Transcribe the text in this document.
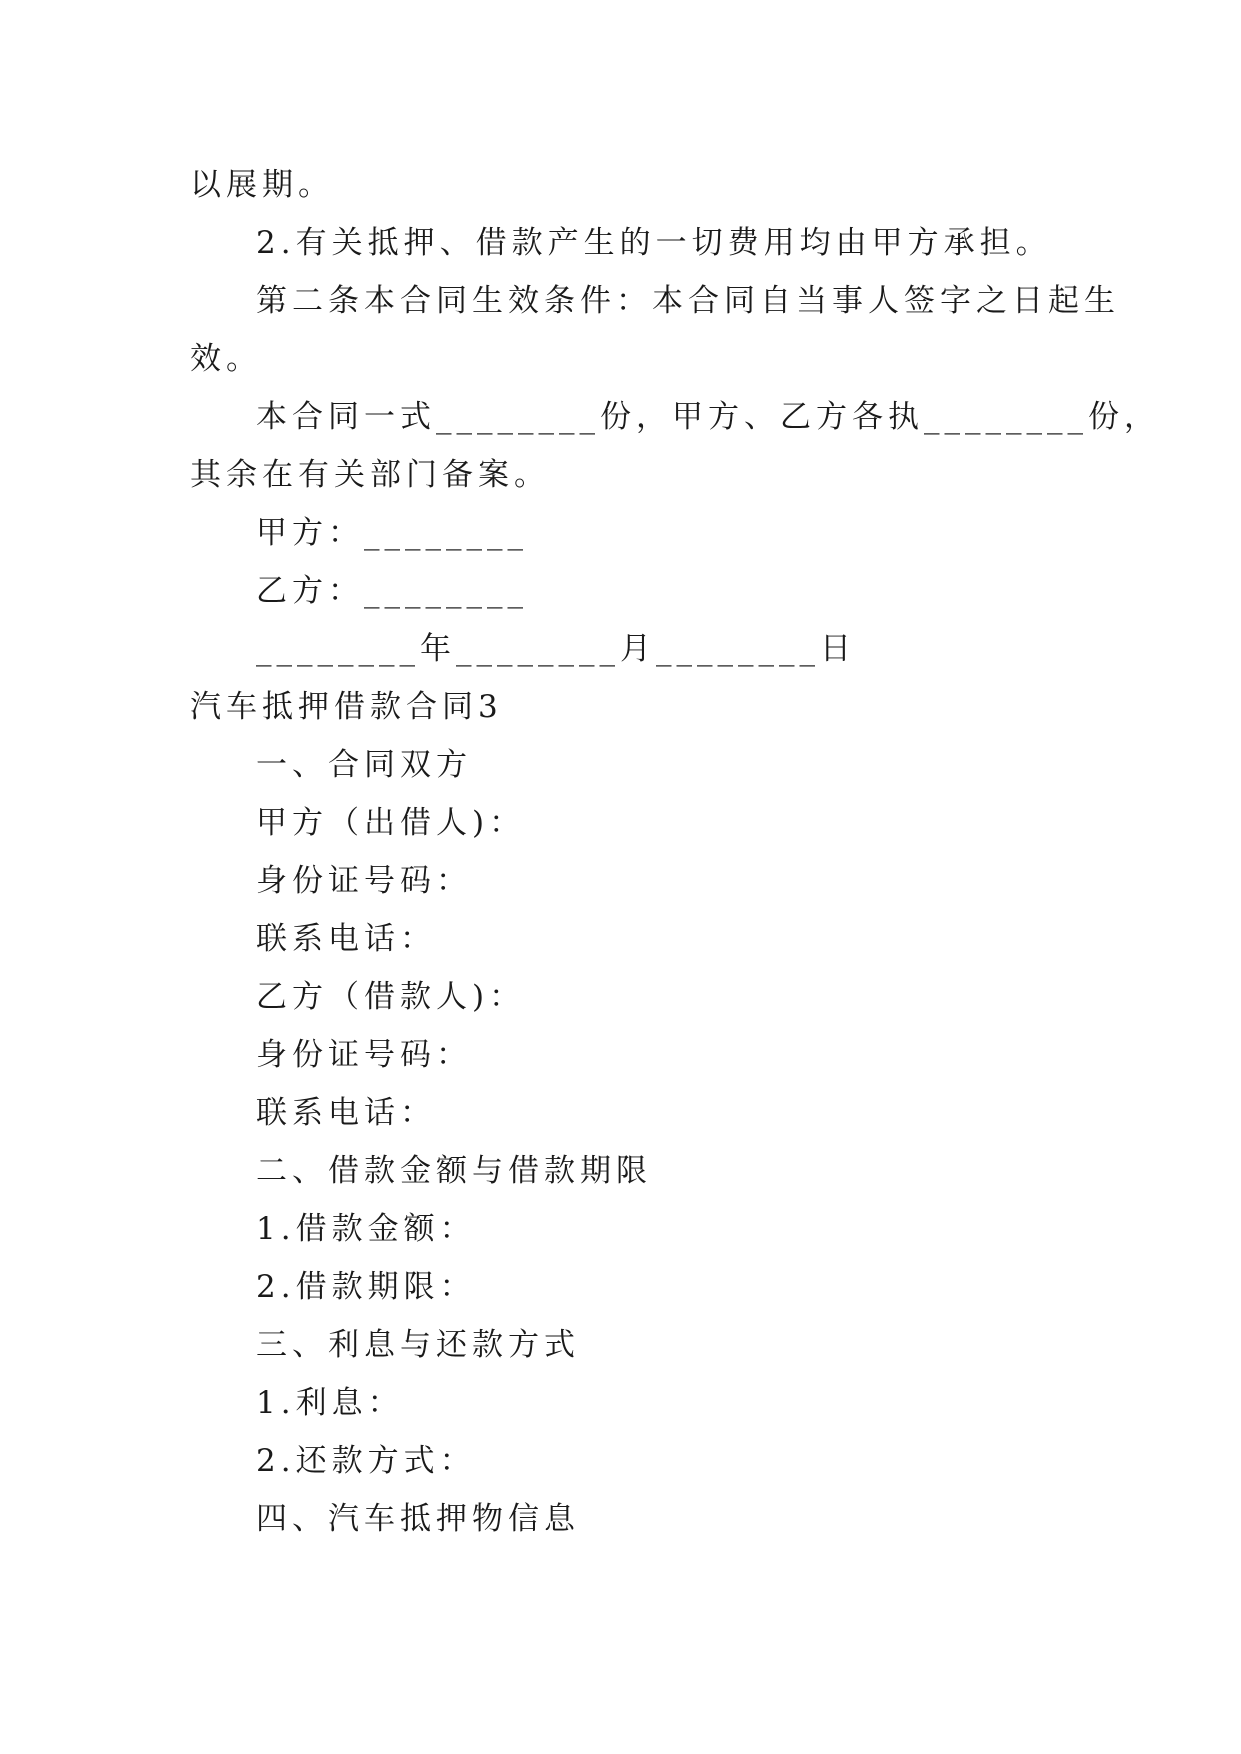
以展期。
2.有关抵押、借款产生的一切费用均由甲方承担。
第二条本合同生效条件：本合同自当事人签字之日起生
效。
本合同一式________份，甲方、乙方各执________份，
其余在有关部门备案。
甲方：________
乙方：________
________年________月________日
汽车抵押借款合同3
一、合同双方
甲方（出借人)：
身份证号码：
联系电话：
乙方（借款人)：
身份证号码：
联系电话：
二、借款金额与借款期限
1.借款金额：
2.借款期限：
三、利息与还款方式
1.利息：
2.还款方式：
四、汽车抵押物信息
